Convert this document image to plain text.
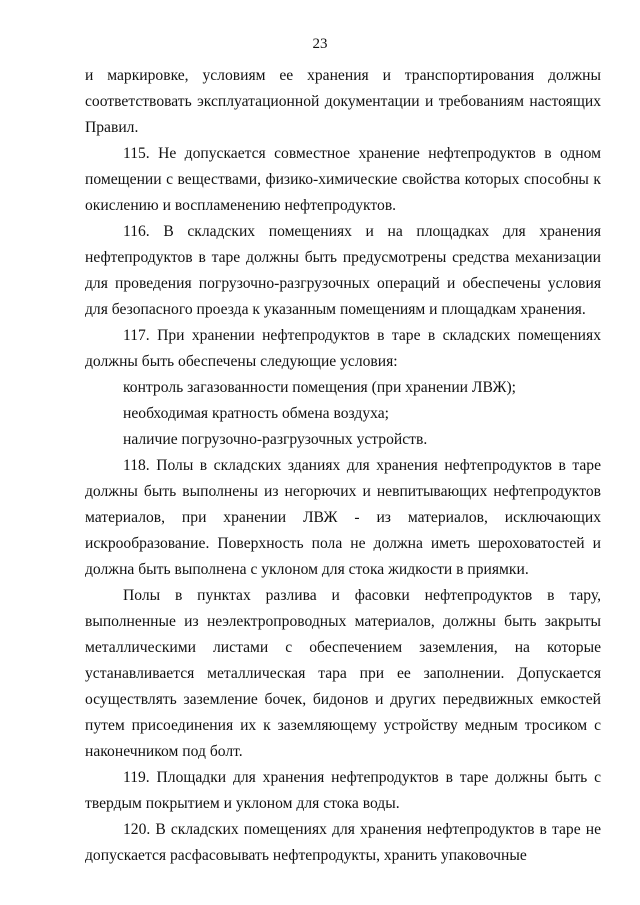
23

и маркировке, условиям ее хранения и транспортирования должны соответствовать эксплуатационной документации и требованиям настоящих Правил.

115. Не допускается совместное хранение нефтепродуктов в одном помещении с веществами, физико-химические свойства которых способны к окислению и воспламенению нефтепродуктов.

116. В складских помещениях и на площадках для хранения нефтепродуктов в таре должны быть предусмотрены средства механизации для проведения погрузочно-разгрузочных операций и обеспечены условия для безопасного проезда к указанным помещениям и площадкам хранения.

117. При хранении нефтепродуктов в таре в складских помещениях должны быть обеспечены следующие условия:

контроль загазованности помещения (при хранении ЛВЖ);

необходимая кратность обмена воздуха;

наличие погрузочно-разгрузочных устройств.

118. Полы в складских зданиях для хранения нефтепродуктов в таре должны быть выполнены из негорючих и невпитывающих нефтепродуктов материалов, при хранении ЛВЖ - из материалов, исключающих искрообразование. Поверхность пола не должна иметь шероховатостей и должна быть выполнена с уклоном для стока жидкости в приямки.

Полы в пунктах разлива и фасовки нефтепродуктов в тару, выполненные из неэлектропроводных материалов, должны быть закрыты металлическими листами с обеспечением заземления, на которые устанавливается металлическая тара при ее заполнении. Допускается осуществлять заземление бочек, бидонов и других передвижных емкостей путем присоединения их к заземляющему устройству медным тросиком с наконечником под болт.

119. Площадки для хранения нефтепродуктов в таре должны быть с твердым покрытием и уклоном для стока воды.

120. В складских помещениях для хранения нефтепродуктов в таре не допускается расфасовывать нефтепродукты, хранить упаковочные
